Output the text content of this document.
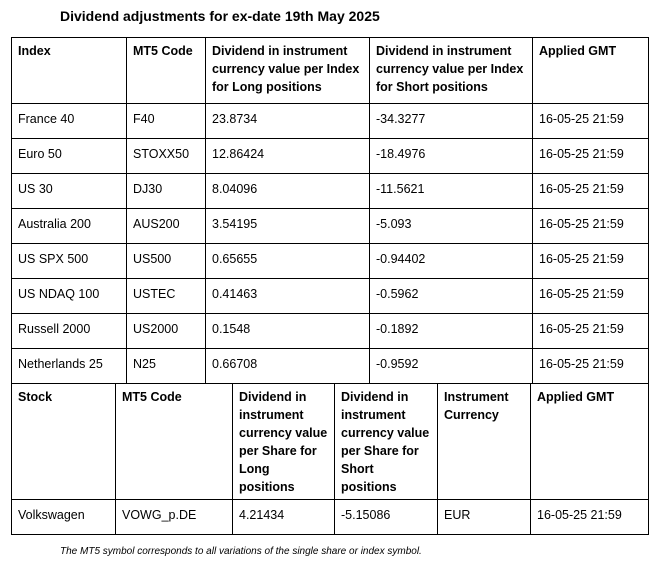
Dividend adjustments for ex-date 19th May 2025
Index	MT5 Code	Dividend in instrument currency value per Index for Long positions	Dividend in instrument currency value per Index for Short positions	Applied GMT
France 40	F40	23.8734	-34.3277	16-05-25 21:59
Euro 50	STOXX50	12.86424	-18.4976	16-05-25 21:59
US 30	DJ30	8.04096	-11.5621	16-05-25 21:59
Australia 200	AUS200	3.54195	-5.093	16-05-25 21:59
US SPX 500	US500	0.65655	-0.94402	16-05-25 21:59
US NDAQ 100	USTEC	0.41463	-0.5962	16-05-25 21:59
Russell 2000	US2000	0.1548	-0.1892	16-05-25 21:59
Netherlands 25	N25	0.66708	-0.9592	16-05-25 21:59
Stock	MT5 Code	Dividend in instrument currency value per Share for Long positions	Dividend in instrument currency value per Share for Short positions	Instrument Currency	Applied GMT
Volkswagen	VOWG_p.DE	4.21434	-5.15086	EUR	16-05-25 21:59
The MT5 symbol corresponds to all variations of the single share or index symbol.
